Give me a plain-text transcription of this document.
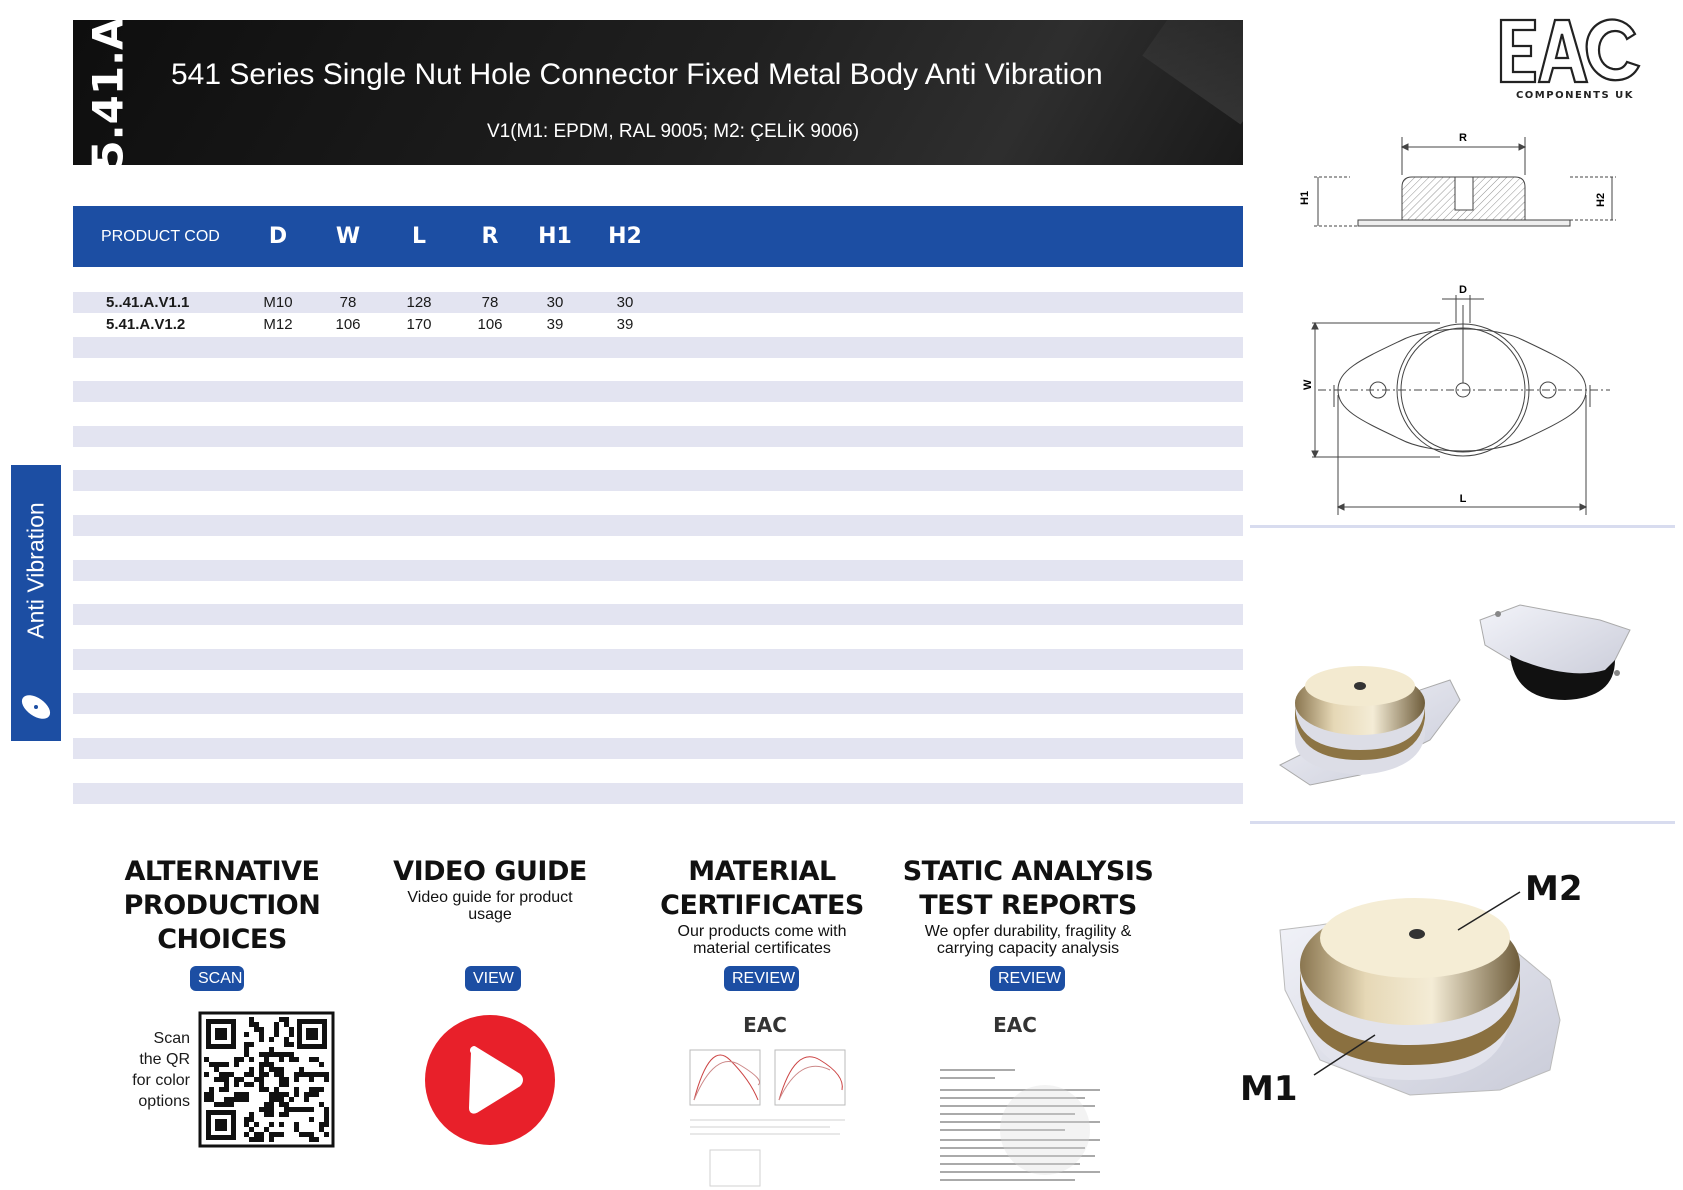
5.41.A 541 Series Single Nut Hole Connector Fixed Metal Body Anti Vibration
V1(M1: EPDM, RAL 9005; M2: ÇELİK 9006)
PRODUCT COD	D	W	L	R	H1	H2
5..41.A.V1.1	M10	78	128	78	30	30
5.41.A.V1.2	M12	106	170	106	39	39
Anti Vibration
COMPONENTS UK
R
H1	H2
D
W
L
M2
M1
ALTERNATIVE
PRODUCTION
CHOICES
SCAN
Scan
the QR
for color
options
VIDEO GUIDE

Video guide for product
usage

VIEW
MATERIAL
CERTIFICATES

Our products come with
material certificates

REVIEW
EAC
STATIC ANALYSIS
TEST REPORTS

We opfer durability, fragility &
carrying capacity analysis

REVIEW
EAC
